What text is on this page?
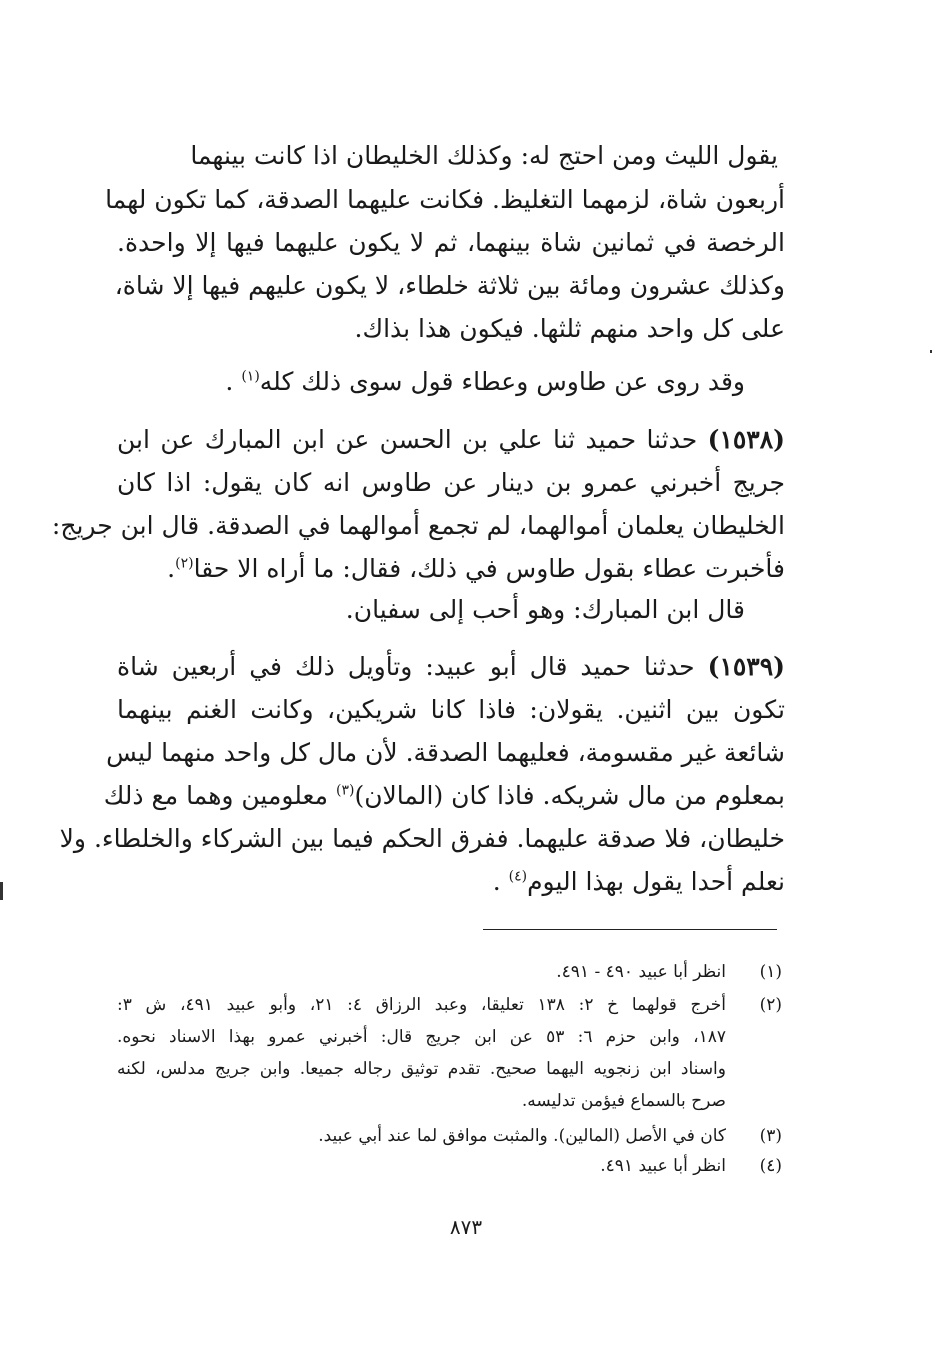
يقول الليث ومن احتج له: وكذلك الخليطان اذا كانت بينهما
أربعون شاة، لزمهما التغليظ. فكانت عليهما الصدقة، كما تكون لهما
الرخصة في ثمانين شاة بينهما، ثم لا يكون عليهما فيها إلا واحدة.
وكذلك عشرون ومائة بين ثلاثة خلطاء، لا يكون عليهم فيها إلا شاة،
على كل واحد منهم ثلثها. فيكون هذا بذاك.
وقد روى عن طاوس وعطاء قول سوى ذلك كله$^{(١)}$ .
(١٥٣٨) حدثنا حميد ثنا علي بن الحسن عن ابن المبارك عن ابن
جريج أخبرني عمرو بن دينار عن طاوس انه كان يقول: اذا كان
الخليطان يعلمان أموالهما، لم تجمع أموالهما في الصدقة. قال ابن جريج:
فأخبرت عطاء بقول طاوس في ذلك، فقال: ما أراه الا حقا$^{(٢)}$.
قال ابن المبارك: وهو أحب إلى سفيان.
(١٥٣٩) حدثنا حميد قال أبو عبيد: وتأويل ذلك في أربعين شاة
تكون بين اثنين. يقولان: فاذا كانا شريكين، وكانت الغنم بينهما
شائعة غير مقسومة، فعليهما الصدقة. لأن مال كل واحد منهما ليس
بمعلوم من مال شريكه. فاذا كان (المالان)$^{(٣)}$ معلومين وهما مع ذلك
خليطان، فلا صدقة عليهما. ففرق الحكم فيما بين الشركاء والخلطاء. ولا
نعلم أحدا يقول بهذا اليوم$^{(٤)}$ .
(١)
انظر أبا عبيد ٤٩٠ - ٤٩١.
(٢)
أخرج قولهما خ ٢: ١٣٨ تعليقا، وعبد الرزاق ٤: ٢١، وأبو عبيد ٤٩١، ش ٣:
١٨٧، وابن حزم ٦: ٥٣ عن ابن جريج قال: أخبرني عمرو بهذا الاسناد نحوه.
واسناد ابن زنجويه اليهما صحيح. تقدم توثيق رجاله جميعا. وابن جريج مدلس، لكنه
صرح بالسماع فيؤمن تدليسه.
(٣)
كان في الأصل (المالين). والمثبت موافق لما عند أبي عبيد.
(٤)
انظر أبا عبيد ٤٩١.
٨٧٣
